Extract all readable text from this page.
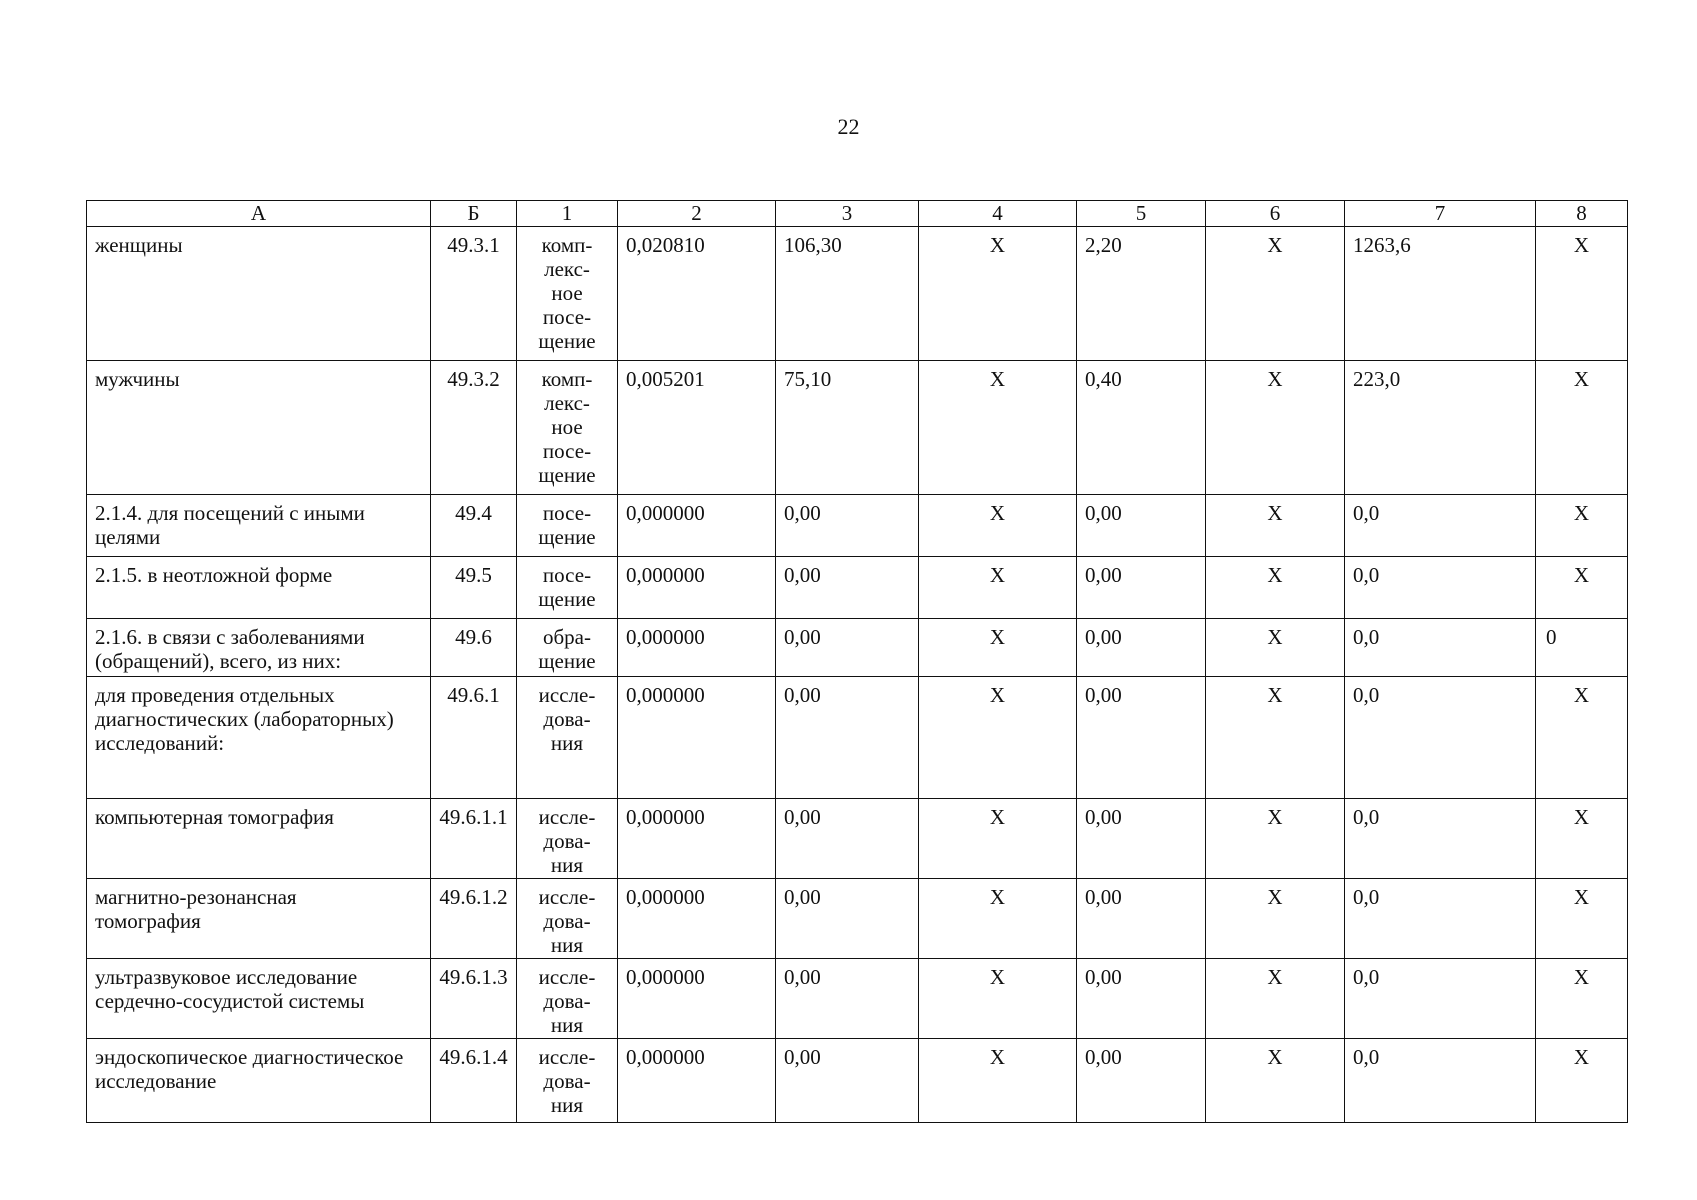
22
А	Б	1	2	3	4	5	6	7	8
женщины	49.3.1	комп-
лекс-
ное
посе-
щение	0,020810	106,30	Х	2,20	Х	1263,6	Х
мужчины	49.3.2	комп-
лекс-
ное
посе-
щение	0,005201	75,10	Х	0,40	Х	223,0	Х
2.1.4. для посещений с иными
целями	49.4	посе-
щение	0,000000	0,00	Х	0,00	Х	0,0	Х
2.1.5. в неотложной форме	49.5	посе-
щение	0,000000	0,00	Х	0,00	Х	0,0	Х
2.1.6. в связи с заболеваниями
(обращений), всего, из них:	49.6	обра-
щение	0,000000	0,00	Х	0,00	Х	0,0	0
для проведения отдельных
диагностических (лабораторных)
исследований:	49.6.1	иссле-
дова-
ния	0,000000	0,00	Х	0,00	Х	0,0	Х
компьютерная томография	49.6.1.1	иссле-
дова-
ния	0,000000	0,00	Х	0,00	Х	0,0	Х
магнитно-резонансная
томография	49.6.1.2	иссле-
дова-
ния	0,000000	0,00	Х	0,00	Х	0,0	Х
ультразвуковое исследование
сердечно-сосудистой системы	49.6.1.3	иссле-
дова-
ния	0,000000	0,00	Х	0,00	Х	0,0	Х
эндоскопическое диагностическое
исследование	49.6.1.4	иссле-
дова-
ния	0,000000	0,00	Х	0,00	Х	0,0	Х
